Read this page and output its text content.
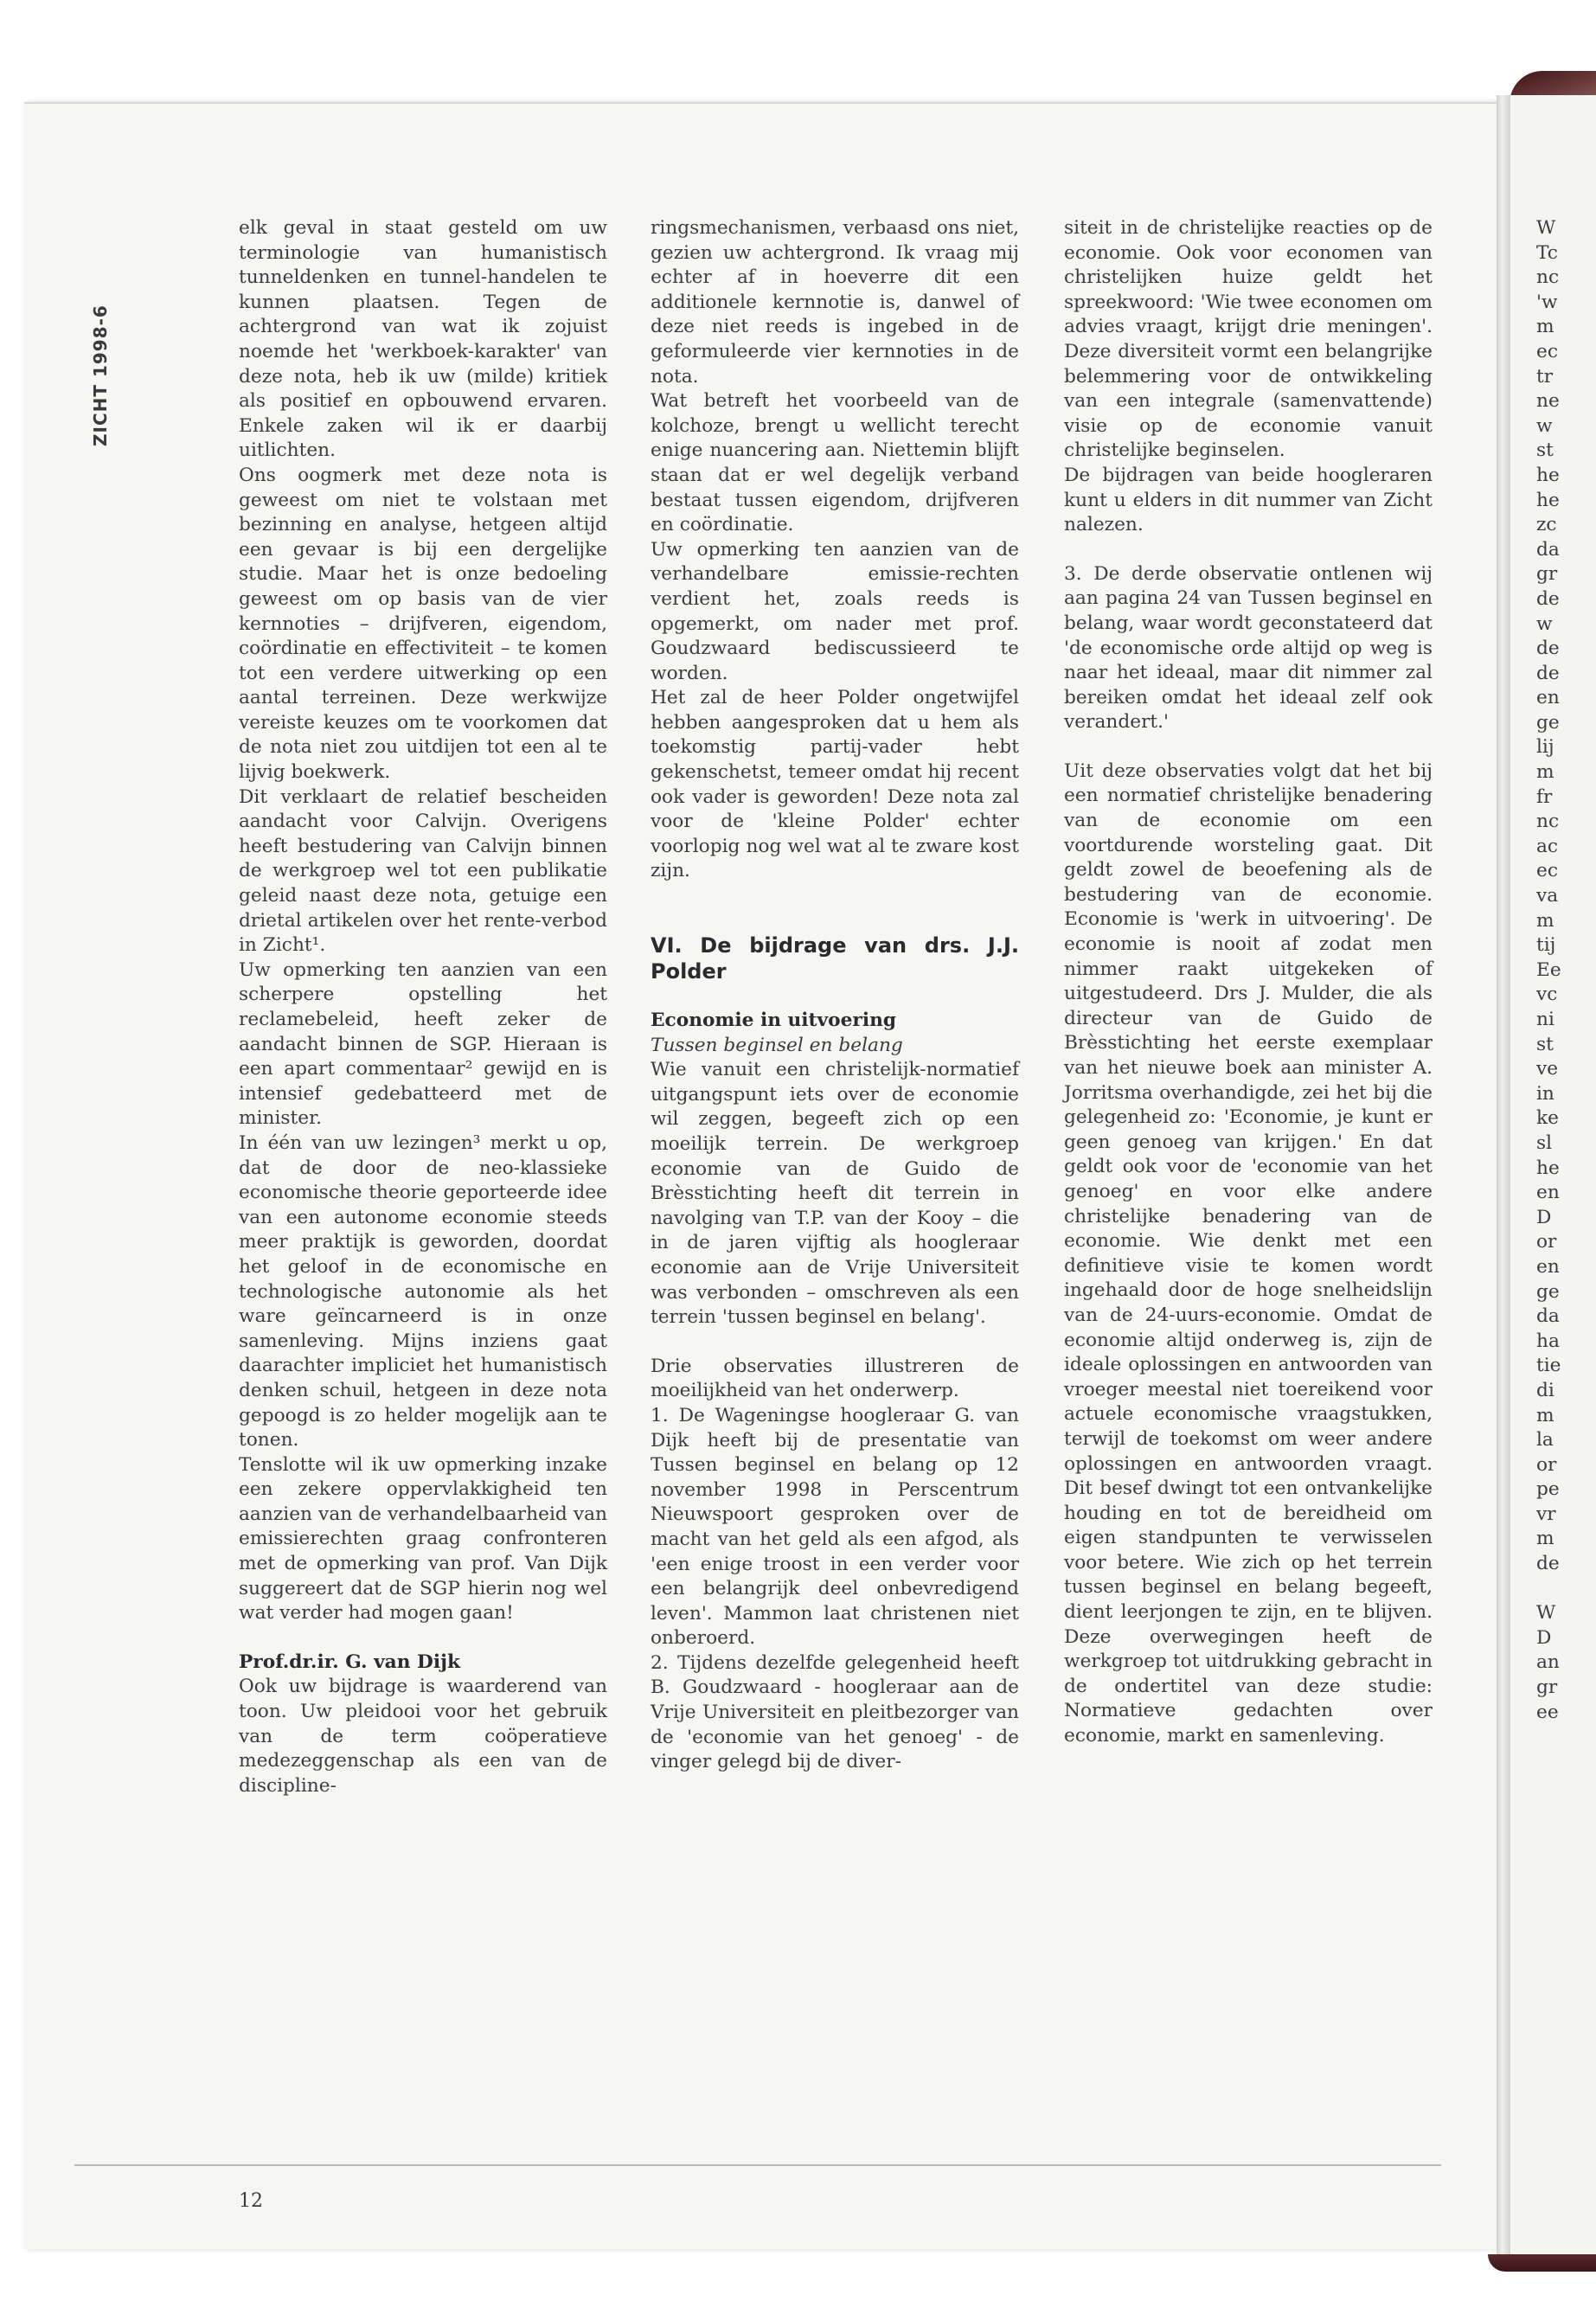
ZICHT 1998-6

elk geval in staat gesteld om uw terminologie van humanistisch tunneldenken en tunnel-handelen te kunnen plaatsen. Tegen de achtergrond van wat ik zojuist noemde het 'werkboek-karakter' van deze nota, heb ik uw (milde) kritiek als positief en opbouwend ervaren. Enkele zaken wil ik er daarbij uitlichten.

Ons oogmerk met deze nota is geweest om niet te volstaan met bezinning en analyse, hetgeen altijd een gevaar is bij een dergelijke studie. Maar het is onze bedoeling geweest om op basis van de vier kernnoties – drijfveren, eigendom, coördinatie en effectiviteit – te komen tot een verdere uitwerking op een aantal terreinen. Deze werkwijze vereiste keuzes om te voorkomen dat de nota niet zou uitdijen tot een al te lijvig boekwerk.

Dit verklaart de relatief bescheiden aandacht voor Calvijn. Overigens heeft bestudering van Calvijn binnen de werkgroep wel tot een publikatie geleid naast deze nota, getuige een drietal artikelen over het rente-verbod in Zicht¹.

Uw opmerking ten aanzien van een scherpere opstelling het reclamebeleid, heeft zeker de aandacht binnen de SGP. Hieraan is een apart commentaar² gewijd en is intensief gedebatteerd met de minister.

In één van uw lezingen³ merkt u op, dat de door de neo-klassieke economische theorie geporteerde idee van een autonome economie steeds meer praktijk is geworden, doordat het geloof in de economische en technologische autonomie als het ware geïncarneerd is in onze samenleving. Mijns inziens gaat daarachter impliciet het humanistisch denken schuil, hetgeen in deze nota gepoogd is zo helder mogelijk aan te tonen.

Tenslotte wil ik uw opmerking inzake een zekere oppervlakkigheid ten aanzien van de verhandelbaarheid van emissierechten graag confronteren met de opmerking van prof. Van Dijk suggereert dat de SGP hierin nog wel wat verder had mogen gaan!

Prof.dr.ir. G. van Dijk

Ook uw bijdrage is waarderend van toon. Uw pleidooi voor het gebruik van de term coöperatieve medezeggenschap als een van de discipline-

ringsmechanismen, verbaasd ons niet, gezien uw achtergrond. Ik vraag mij echter af in hoeverre dit een additionele kernnotie is, danwel of deze niet reeds is ingebed in de geformuleerde vier kernnoties in de nota.

Wat betreft het voorbeeld van de kolchoze, brengt u wellicht terecht enige nuancering aan. Niettemin blijft staan dat er wel degelijk verband bestaat tussen eigendom, drijfveren en coördinatie.

Uw opmerking ten aanzien van de verhandelbare emissie-rechten verdient het, zoals reeds is opgemerkt, om nader met prof. Goudzwaard bediscussieerd te worden.

Het zal de heer Polder ongetwijfel hebben aangesproken dat u hem als toekomstig partij-vader hebt gekenschetst, temeer omdat hij recent ook vader is geworden! Deze nota zal voor de 'kleine Polder' echter voorlopig nog wel wat al te zware kost zijn.

VI. De bijdrage van drs. J.J. Polder

Economie in uitvoering

Tussen beginsel en belang

Wie vanuit een christelijk-normatief uitgangspunt iets over de economie wil zeggen, begeeft zich op een moeilijk terrein. De werkgroep economie van de Guido de Brèsstichting heeft dit terrein in navolging van T.P. van der Kooy – die in de jaren vijftig als hoogleraar economie aan de Vrije Universiteit was verbonden – omschreven als een terrein 'tussen beginsel en belang'.

Drie observaties illustreren de moeilijkheid van het onderwerp.

1. De Wageningse hoogleraar G. van Dijk heeft bij de presentatie van Tussen beginsel en belang op 12 november 1998 in Perscentrum Nieuwspoort gesproken over de macht van het geld als een afgod, als 'een enige troost in een verder voor een belangrijk deel onbevredigend leven'. Mammon laat christenen niet onberoerd.

2. Tijdens dezelfde gelegenheid heeft B. Goudzwaard - hoogleraar aan de Vrije Universiteit en pleitbezorger van de 'economie van het genoeg' - de vinger gelegd bij de diver-

siteit in de christelijke reacties op de economie. Ook voor economen van christelijken huize geldt het spreekwoord: 'Wie twee economen om advies vraagt, krijgt drie meningen'. Deze diversiteit vormt een belangrijke belemmering voor de ontwikkeling van een integrale (samenvattende) visie op de economie vanuit christelijke beginselen.

De bijdragen van beide hoogleraren kunt u elders in dit nummer van Zicht nalezen.

3. De derde observatie ontlenen wij aan pagina 24 van Tussen beginsel en belang, waar wordt geconstateerd dat 'de economische orde altijd op weg is naar het ideaal, maar dit nimmer zal bereiken omdat het ideaal zelf ook verandert.'

Uit deze observaties volgt dat het bij een normatief christelijke benadering van de economie om een voortdurende worsteling gaat. Dit geldt zowel de beoefening als de bestudering van de economie. Economie is 'werk in uitvoering'. De economie is nooit af zodat men nimmer raakt uitgekeken of uitgestudeerd. Drs J. Mulder, die als directeur van de Guido de Brèsstichting het eerste exemplaar van het nieuwe boek aan minister A. Jorritsma overhandigde, zei het bij die gelegenheid zo: 'Economie, je kunt er geen genoeg van krijgen.' En dat geldt ook voor de 'economie van het genoeg' en voor elke andere christelijke benadering van de economie. Wie denkt met een definitieve visie te komen wordt ingehaald door de hoge snelheidslijn van de 24-uurs-economie. Omdat de economie altijd onderweg is, zijn de ideale oplossingen en antwoorden van vroeger meestal niet toereikend voor actuele economische vraagstukken, terwijl de toekomst om weer andere oplossingen en antwoorden vraagt. Dit besef dwingt tot een ontvankelijke houding en tot de bereidheid om eigen standpunten te verwisselen voor betere. Wie zich op het terrein tussen beginsel en belang begeeft, dient leerjongen te zijn, en te blijven. Deze overwegingen heeft de werkgroep tot uitdrukking gebracht in de ondertitel van deze studie: Normatieve gedachten over economie, markt en samenleving.

12
W
Tc
nc
'w
m
ec
tr
ne
w
st
he
he
zc
da
gr
de
w
de
de
en
ge
lij
m
fr
nc
ac
ec
va
m
tij
Ee
vc
ni
st
ve
in
ke
sl
he
en
D
or
en
ge
da
ha
tie
di
m
la
or
pe
vr
m
de

W
D
an
gr
ee
